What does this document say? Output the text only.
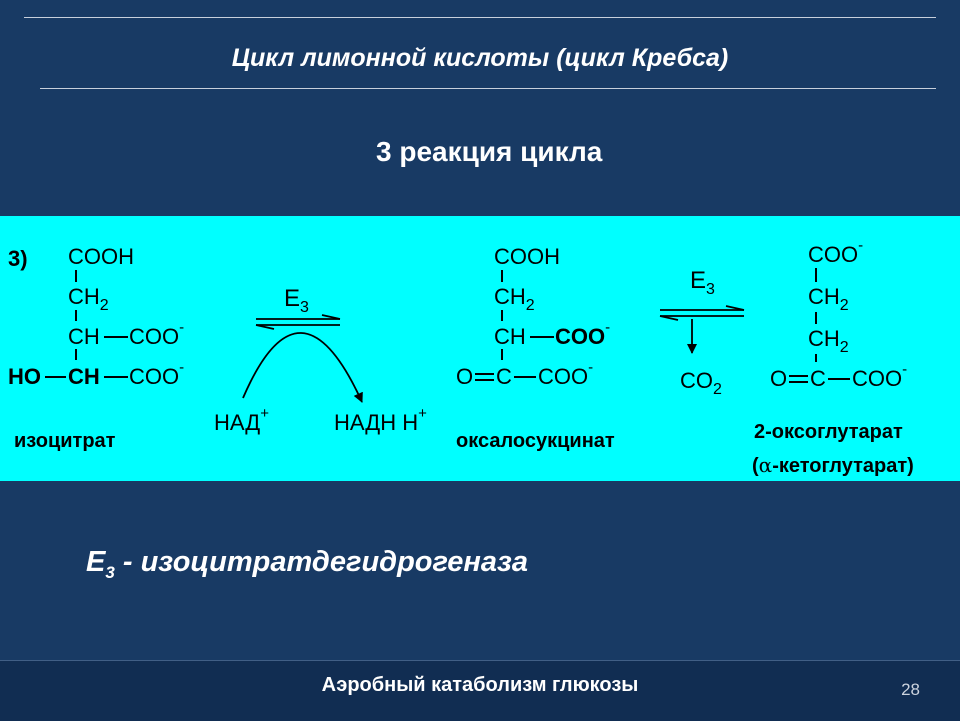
Цикл лимонной кислоты (цикл Кребса)
3 реакция цикла
3) COOH
$CH_2$
CH COO-
HO CH COO-
изоцитрат
$E_3$
НАД+	НАДН Н+
COOH
$CH_2$
CH COO-
O C COO-
оксалосукцинат
$E_3$
$CO_2$
COO-
$CH_2$
$CH_2$
O C COO-
2-оксоглутарат
(α-кетоглутарат)
$E_3$ - изоцитратдегидрогеназа
Аэробный катаболизм глюкозы	28
